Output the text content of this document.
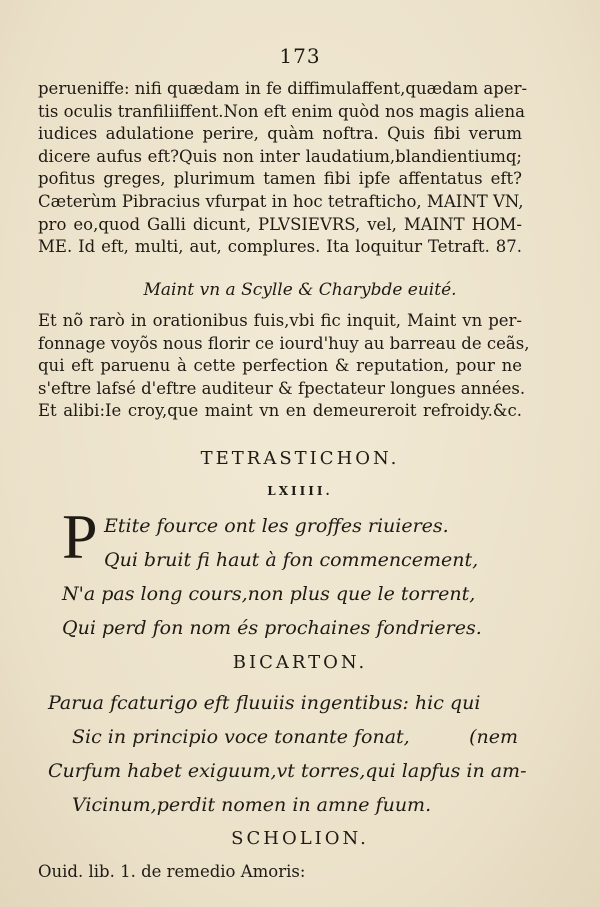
173
perueniffe: nifi quædam in fe diffimulaffent,quædam aper-
tis oculis tranfiliiffent.Non eft enim quòd nos magis aliena
iudices adulatione perire, quàm noftra. Quis fibi verum
dicere aufus eft?Quis non inter laudatium,blandientiumq;
pofitus greges, plurimum tamen fibi ipfe affentatus eft?
Cæterùm Pibracius vfurpat in hoc tetrafticho, MAINT VN,
pro eo,quod Galli dicunt, PLVSIEVRS, vel, MAINT HOM-
ME. Id eft, multi, aut, complures. Ita loquitur Tetraft. 87.
Maint vn a Scylle & Charybde euité.
Et nõ rarò in orationibus fuis,vbi fic inquit, Maint vn per-
fonnage voyõs nous florir ce iourd'huy au barreau de ceãs,
qui eft paruenu à cette perfection & reputation, pour ne
s'eftre lafsé d'eftre auditeur & fpectateur longues années.
Et alibi:Ie croy,que maint vn en demeureroit refroidy.&c.
TETRASTICHON.
LXIIII.
P Etite fource ont les groffes riuieres.
Qui bruit fi haut à fon commencement,
N'a pas long cours,non plus que le torrent,
Qui perd fon nom és prochaines fondrieres.
BICARTON.
Parua fcaturigo eft fluuiis ingentibus: hic qui
Sic in principio voce tonante fonat,	(nem
Curfum habet exiguum,vt torres,qui lapfus in am-
Vicinum,perdit nomen in amne fuum.
SCHOLION.
Ouid. lib. 1. de remedio Amoris:
